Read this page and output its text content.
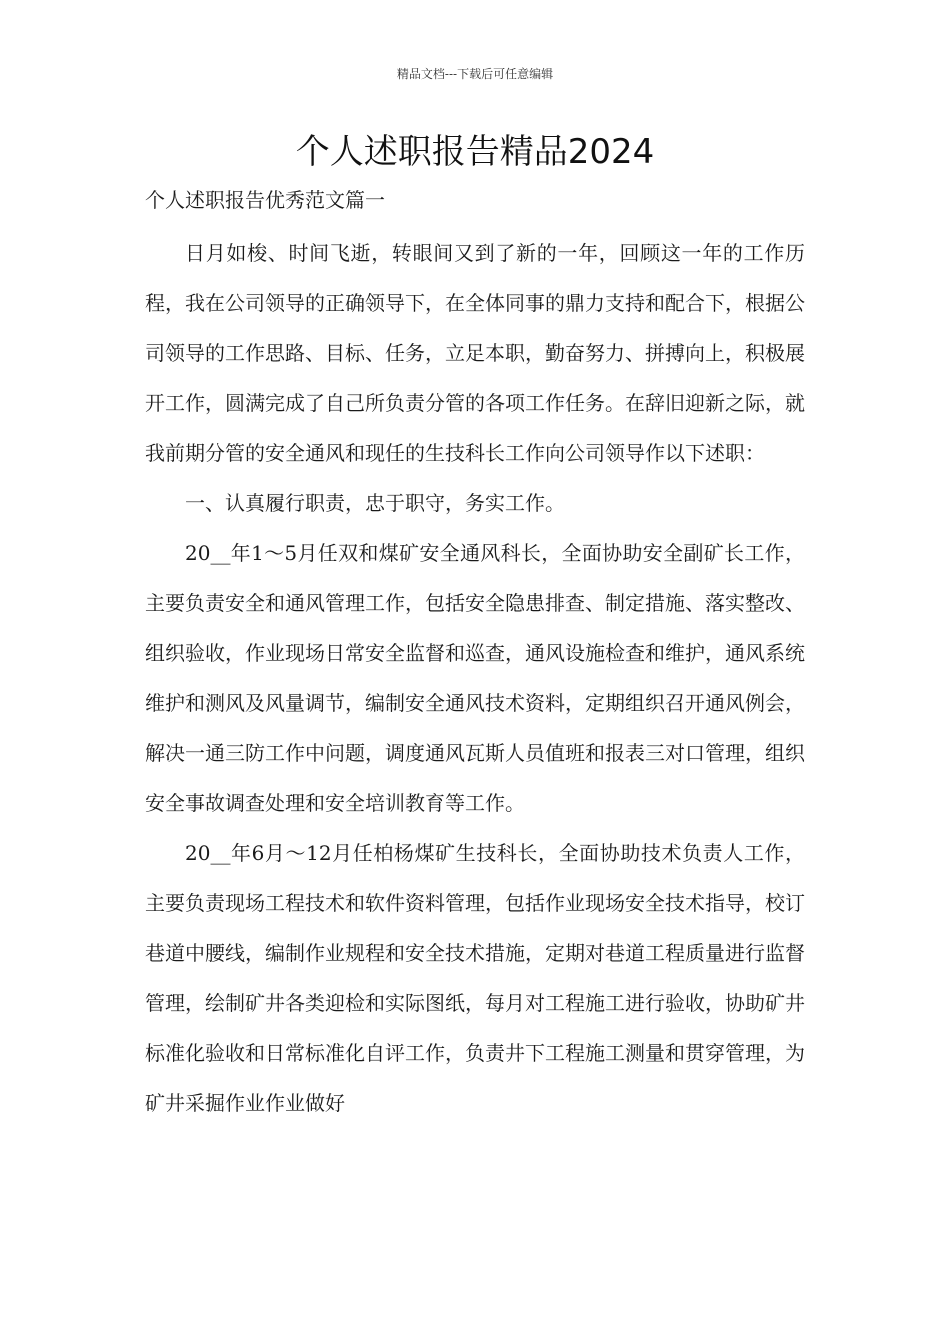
精品文档---下载后可任意编辑
个人述职报告精品2024

个人述职报告优秀范文篇一

日月如梭、时间飞逝，转眼间又到了新的一年，回顾这一年的工作历程，我在公司领导的正确领导下，在全体同事的鼎力支持和配合下，根据公司领导的工作思路、目标、任务，立足本职，勤奋努力、拼搏向上，积极展开工作，圆满完成了自己所负责分管的各项工作任务。在辞旧迎新之际，就我前期分管的安全通风和现任的生技科长工作向公司领导作以下述职：

一、认真履行职责，忠于职守，务实工作。

20__年1～5月任双和煤矿安全通风科长，全面协助安全副矿长工作，主要负责安全和通风管理工作，包括安全隐患排查、制定措施、落实整改、组织验收，作业现场日常安全监督和巡查，通风设施检查和维护，通风系统维护和测风及风量调节，编制安全通风技术资料，定期组织召开通风例会，解决一通三防工作中问题，调度通风瓦斯人员值班和报表三对口管理，组织安全事故调查处理和安全培训教育等工作。

20__年6月～12月任柏杨煤矿生技科长，全面协助技术负责人工作，主要负责现场工程技术和软件资料管理，包括作业现场安全技术指导，校订巷道中腰线，编制作业规程和安全技术措施，定期对巷道工程质量进行监督管理，绘制矿井各类迎检和实际图纸，每月对工程施工进行验收，协助矿井标准化验收和日常标准化自评工作，负责井下工程施工测量和贯穿管理，为矿井采掘作业作业做好
